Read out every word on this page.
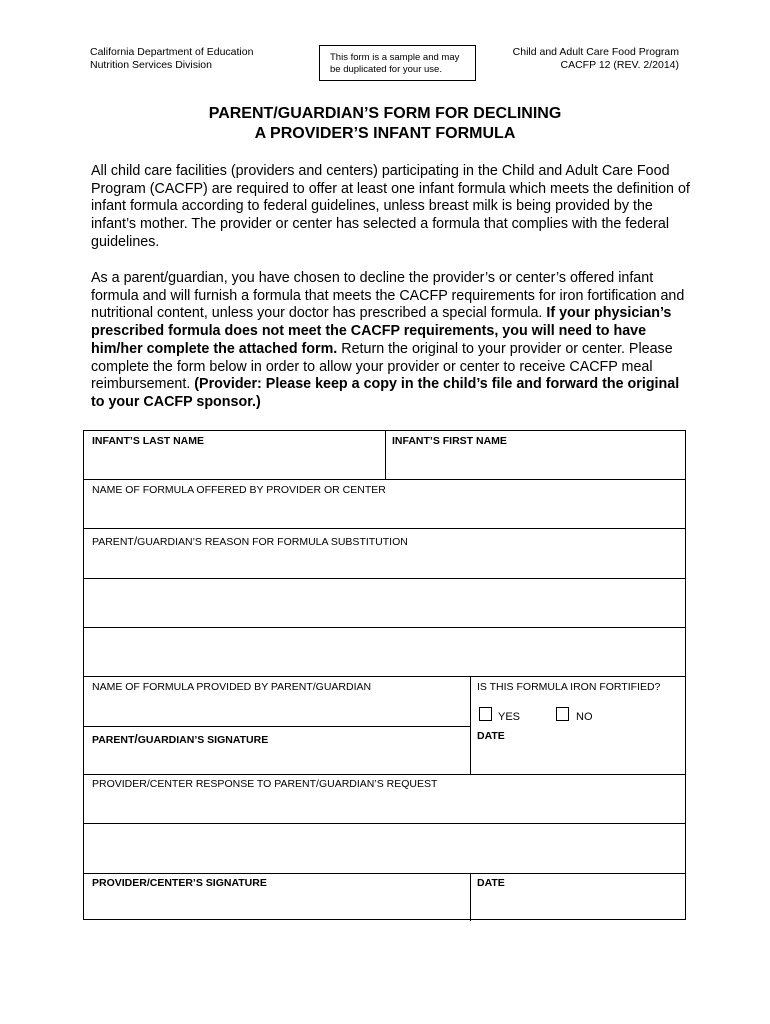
California Department of Education
Nutrition Services Division
This form is a sample and may
be duplicated for your use.
Child and Adult Care Food Program
CACFP 12 (REV. 2/2014)
PARENT/GUARDIAN’S FORM FOR DECLINING
A PROVIDER’S INFANT FORMULA
All child care facilities (providers and centers) participating in the Child and Adult Care Food Program (CACFP) are required to offer at least one infant formula which meets the definition of infant formula according to federal guidelines, unless breast milk is being provided by the infant’s mother. The provider or center has selected a formula that complies with the federal guidelines.
As a parent/guardian, you have chosen to decline the provider’s or center’s offered infant formula and will furnish a formula that meets the CACFP requirements for iron fortification and nutritional content, unless your doctor has prescribed a special formula. If your physician’s prescribed formula does not meet the CACFP requirements, you will need to have him/her complete the attached form. Return the original to your provider or center. Please complete the form below in order to allow your provider or center to receive CACFP meal reimbursement. (Provider: Please keep a copy in the child’s file and forward the original to your CACFP sponsor.)
INFANT’S LAST NAME	INFANT’S FIRST NAME
NAME OF FORMULA OFFERED BY PROVIDER OR CENTER
PARENT/GUARDIAN’S REASON FOR FORMULA SUBSTITUTION
NAME OF FORMULA PROVIDED BY PARENT/GUARDIAN	IS THIS FORMULA IRON FORTIFIED?
YES	NO
PARENT/GUARDIAN’S SIGNATURE	DATE
PROVIDER/CENTER RESPONSE TO PARENT/GUARDIAN’S REQUEST
PROVIDER/CENTER’S SIGNATURE	DATE
